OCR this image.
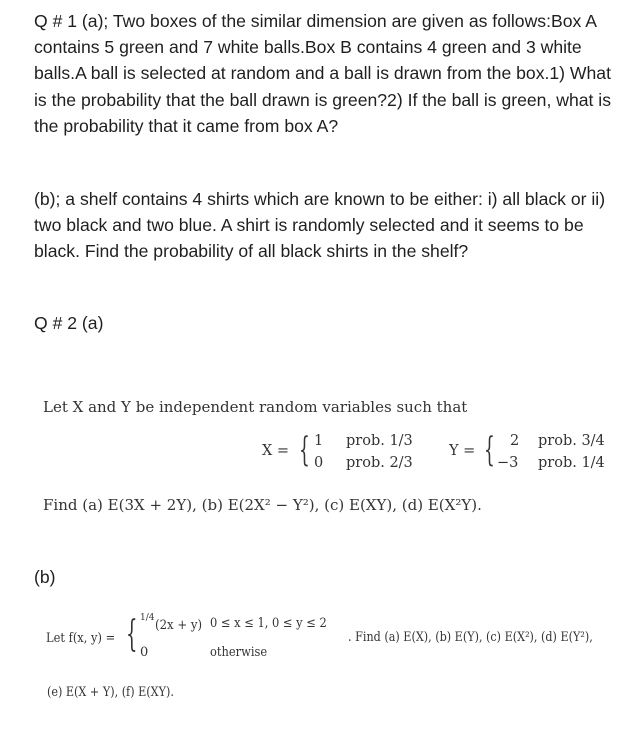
Q # 1 (a); Two boxes of the similar dimension are given as follows:Box A contains 5 green and 7 white balls.Box B contains 4 green and 3 white balls.A ball is selected at random and a ball is drawn from the box.1) What is the probability that the ball drawn is green?2) If the ball is green, what is the probability that it came from box A?
(b); a shelf contains 4 shirts which are known to be either: i) all black or ii) two black and two blue. A shirt is randomly selected and it seems to be black. Find the probability of all black shirts in the shelf?
Q # 2 (a)
Let X and Y be independent random variables such that
X = { 1 prob. 1/3
0 prob. 2/3
Y = { 2 prob. 3/4
−3 prob. 1/4
Find (a) E(3X + 2Y), (b) E(2X² − Y²), (c) E(XY), (d) E(X²Y).
(b)
Let f(x, y) = { 1/4 (2x + y) 0 ≤ x ≤ 1, 0 ≤ y ≤ 2
0	otherwise
. Find (a) E(X), (b) E(Y), (c) E(X²), (d) E(Y²),
(e) E(X + Y), (f) E(XY).
